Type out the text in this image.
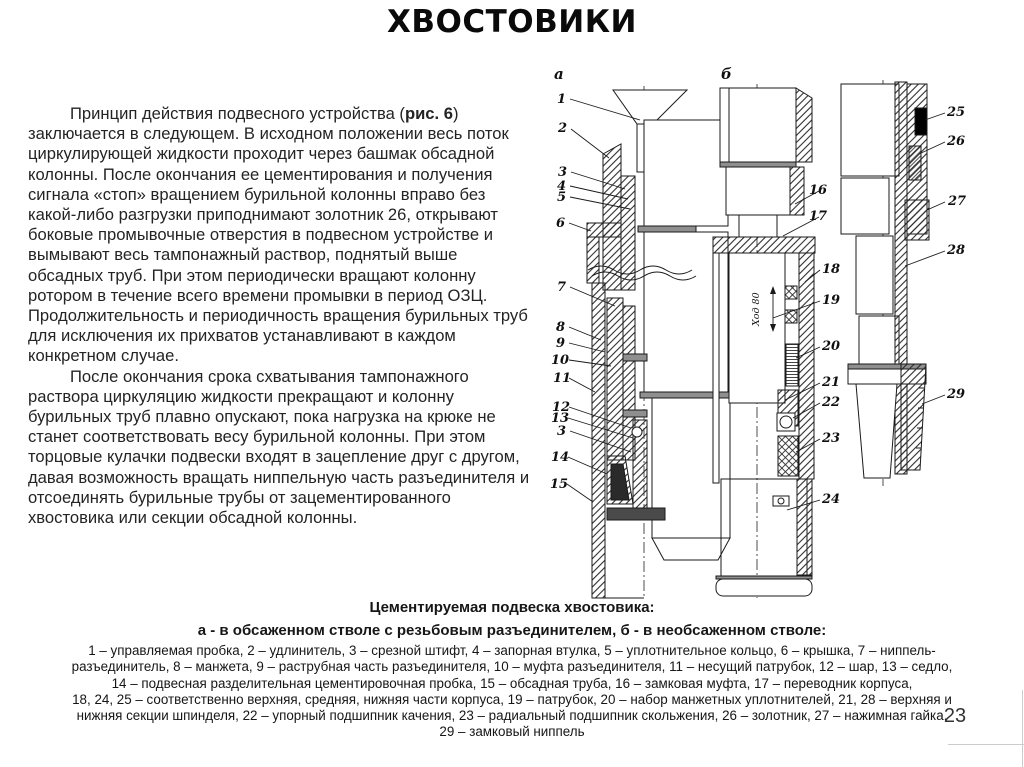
ХВОСТОВИКИ

Принцип действия подвесного устройства (рис. 6) заключается в следующем. В исходном положении весь поток циркулирующей жидкости проходит через башмак обсадной колонны. После окончания ее цементирования и получения сигнала «стоп» вращением бурильной колонны вправо без какой-либо разгрузки приподнимают золотник 26, открывают боковые промывочные отверстия в подвесном устройстве и вымывают весь тампонажный раствор, поднятый выше обсадных труб. При этом периодически вращают колонну ротором в течение всего времени промывки в период ОЗЦ. Продолжительность и периодичность вращения бурильных труб для исключения их прихватов устанавливают в каждом конкретном случае.

После окончания срока схватывания тампонажного раствора циркуляцию жидкости прекращают и колонну бурильных труб плавно опускают, пока нагрузка на крюке не станет соответствовать весу бурильной колонны. При этом торцовые кулачки подвески входят в зацепление друг с другом, давая возможность вращать ниппельную часть разъединителя и отсоединять бурильные трубы от зацементированного хвостовика или секции обсадной колонны.

а	б
Ход 80
1
2
3
4
5
6
7
8
9
10
11
12
13
3
14
15
16
17
18
19
20
21
22
23
24
25
26
27
28
29
Цементируемая подвеска хвостовика:
а - в обсаженном стволе с резьбовым разъединителем, б - в необсаженном стволе:
1 – управляемая пробка, 2 – удлинитель, 3 – срезной штифт, 4 – запорная втулка, 5 – уплотнительное кольцо, 6 – крышка, 7 – ниппель-
разъединитель, 8 – манжета, 9 – раструбная часть разъединителя, 10 – муфта разъединителя, 11 – несущий патрубок, 12 – шар, 13 – седло,
14 – подвесная разделительная цементировочная пробка, 15 – обсадная труба, 16 – замковая муфта, 17 – переводник корпуса,
18, 24, 25 – соответственно верхняя, средняя, нижняя части корпуса, 19 – патрубок, 20 – набор манжетных уплотнителей, 21, 28 – верхняя и
нижняя секции шпинделя, 22 – упорный подшипник качения, 23 – радиальный подшипник скольжения, 26 – золотник, 27 – нажимная гайка,
29 – замковый ниппель
23
